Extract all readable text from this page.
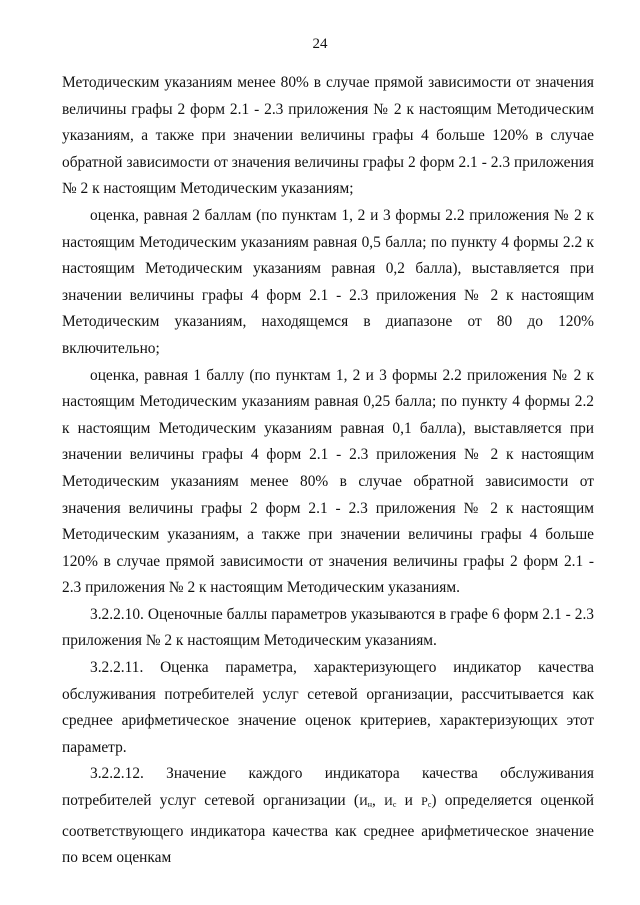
24

Методическим указаниям менее 80% в случае прямой зависимости от значения величины графы 2 форм 2.1 - 2.3 приложения № 2 к настоящим Методическим указаниям, а также при значении величины графы 4 больше 120% в случае обратной зависимости от значения величины графы 2 форм 2.1 - 2.3 приложения № 2 к настоящим Методическим указаниям;

оценка, равная 2 баллам (по пунктам 1, 2 и 3 формы 2.2 приложения № 2 к настоящим Методическим указаниям равная 0,5 балла; по пункту 4 формы 2.2 к настоящим Методическим указаниям равная 0,2 балла), выставляется при значении величины графы 4 форм 2.1 - 2.3 приложения № 2 к настоящим Методическим указаниям, находящемся в диапазоне от 80 до 120% включительно;

оценка, равная 1 баллу (по пунктам 1, 2 и 3 формы 2.2 приложения № 2 к настоящим Методическим указаниям равная 0,25 балла; по пункту 4 формы 2.2 к настоящим Методическим указаниям равная 0,1 балла), выставляется при значении величины графы 4 форм 2.1 - 2.3 приложения № 2 к настоящим Методическим указаниям менее 80% в случае обратной зависимости от значения величины графы 2 форм 2.1 - 2.3 приложения № 2 к настоящим Методическим указаниям, а также при значении величины графы 4 больше 120% в случае прямой зависимости от значения величины графы 2 форм 2.1 - 2.3 приложения № 2 к настоящим Методическим указаниям.

3.2.2.10. Оценочные баллы параметров указываются в графе 6 форм 2.1 - 2.3 приложения № 2 к настоящим Методическим указаниям.

3.2.2.11. Оценка параметра, характеризующего индикатор качества обслуживания потребителей услуг сетевой организации, рассчитывается как среднее арифметическое значение оценок критериев, характеризующих этот параметр.

3.2.2.12. Значение каждого индикатора качества обслуживания потребителей услуг сетевой организации ($И_н$, $И_с$ и $Р_с$) определяется оценкой соответствующего индикатора качества как среднее арифметическое значение по всем оценкам
